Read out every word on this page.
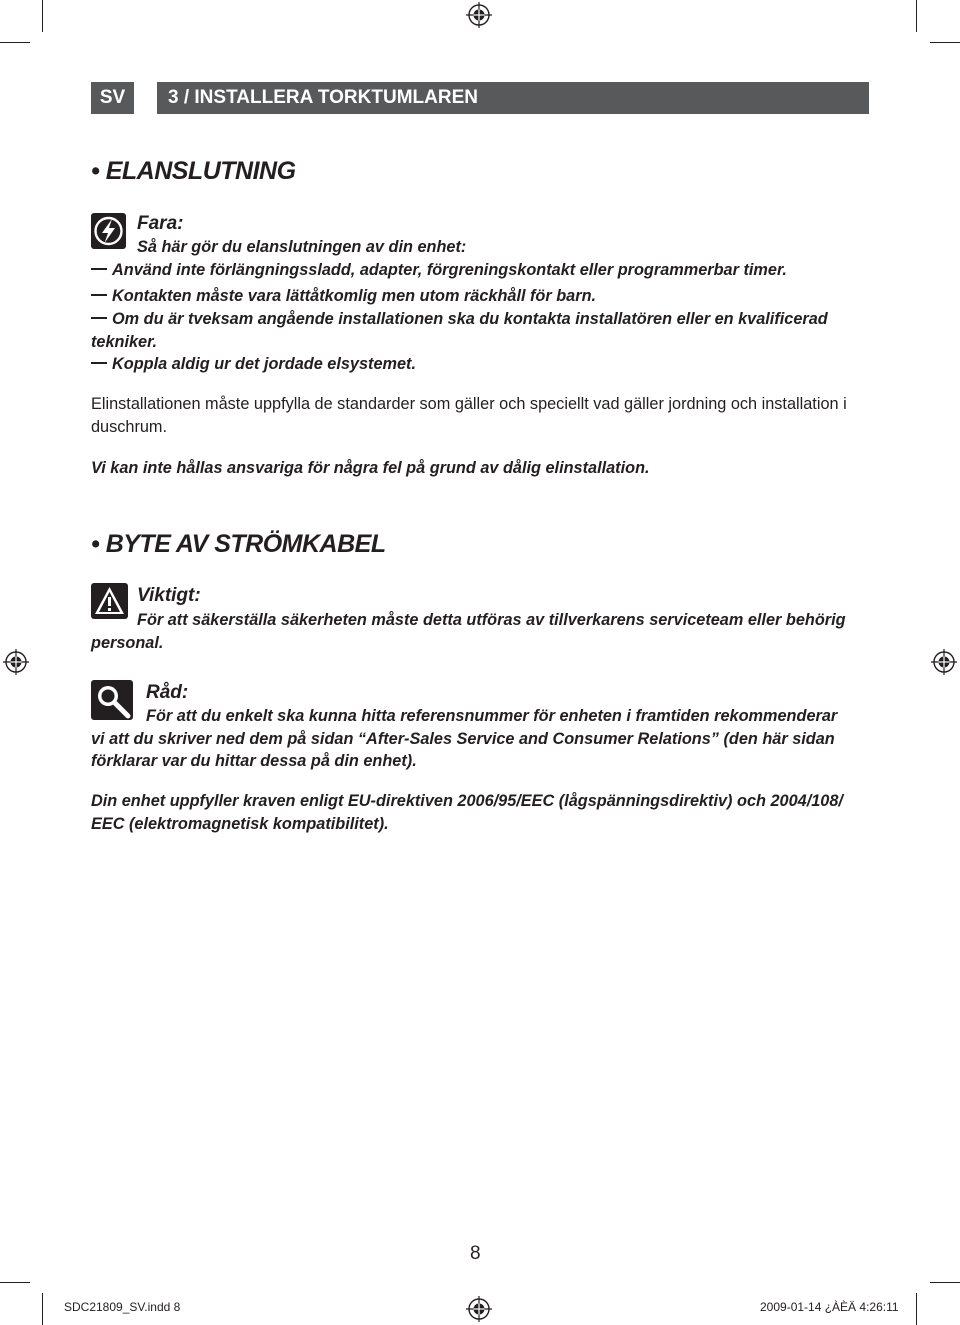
SV	3 / INSTALLERA TORKTUMLAREN
• ELANSLUTNING
Fara:
Så här gör du elanslutningen av din enhet:
Använd inte förlängningssladd, adapter, förgreningskontakt eller programmerbar timer.
Kontakten måste vara lättåtkomlig men utom räckhåll för barn.
Om du är tveksam angående installationen ska du kontakta installatören eller en kvalificerad
tekniker.
Koppla aldig ur det jordade elsystemet.
Elinstallationen måste uppfylla de standarder som gäller och speciellt vad gäller jordning och installation i
duschrum.
Vi kan inte hållas ansvariga för några fel på grund av dålig elinstallation.
• BYTE AV STRÖMKABEL
Viktigt:
För att säkerställa säkerheten måste detta utföras av tillverkarens serviceteam eller behörig
personal.
Råd:
För att du enkelt ska kunna hitta referensnummer för enheten i framtiden rekommenderar
vi att du skriver ned dem på sidan “After-Sales Service and Consumer Relations” (den här sidan
förklarar var du hittar dessa på din enhet).
Din enhet uppfyller kraven enligt EU-direktiven 2006/95/EEC (lågspänningsdirektiv) och 2004/108/
EEC (elektromagnetisk kompatibilitet).
8
SDC21809_SV.indd 8	2009-01-14 ¿ÀÈÄ 4:26:11
